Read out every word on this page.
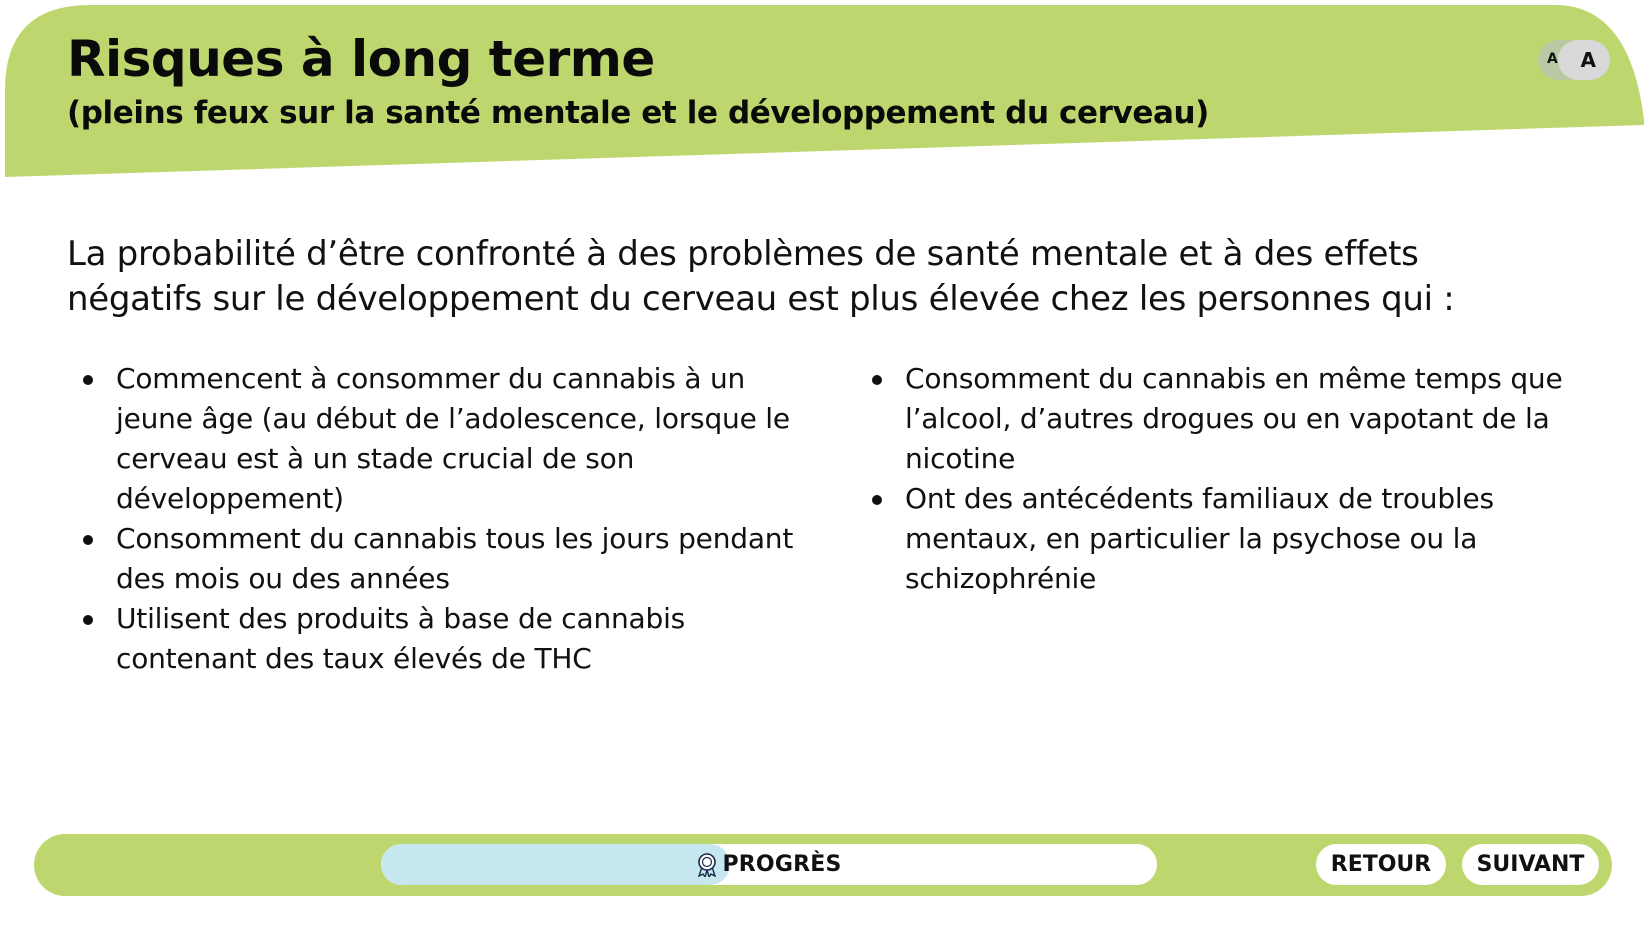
Risques à long terme
(pleins feux sur la santé mentale et le développement du cerveau)
A A

La probabilité d’être confronté à des problèmes de santé mentale et à des effets
négatifs sur le développement du cerveau est plus élevée chez les personnes qui :

Commencent à consommer du cannabis à un
jeune âge (au début de l’adolescence, lorsque le
cerveau est à un stade crucial de son
développement)
Consomment du cannabis tous les jours pendant
des mois ou des années
Utilisent des produits à base de cannabis
contenant des taux élevés de THC
Consomment du cannabis en même temps que
l’alcool, d’autres drogues ou en vapotant de la
nicotine
Ont des antécédents familiaux de troubles
mentaux, en particulier la psychose ou la
schizophrénie
PROGRÈS	RETOUR	SUIVANT
